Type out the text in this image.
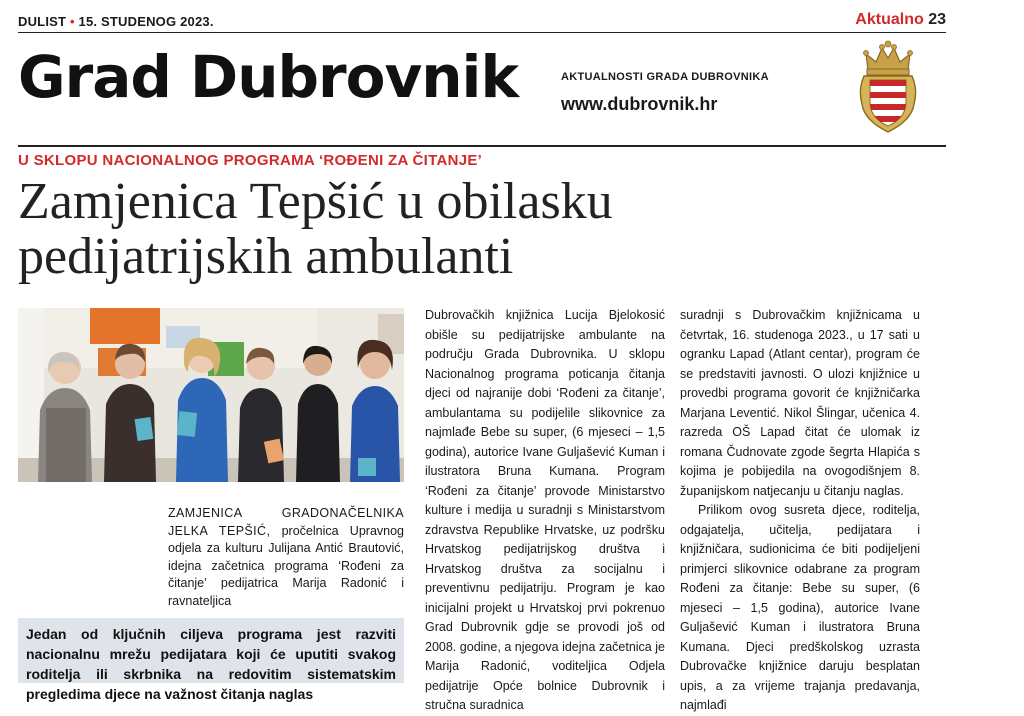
DULIST • 15. STUDENOG 2023.	Aktualno 23
Grad Dubrovnik	AKTUALNOSTI GRADA DUBROVNIKA
www.dubrovnik.hr
U SKLOPU NACIONALNOG PROGRAMA ‘ROĐENI ZA ČITANJE’
Zamjenica Tepšić u obilasku
pedijatrijskih ambulanti
ZAMJENICA GRADONAČELNIKA JELKA TEPŠIĆ, pročelnica Upravnog odjela za kulturu Julijana Antić Brautović, idejna začetnica programa ‘Rođeni za čitanje’ pedijatrica Marija Radonić i ravnateljica
Jedan od ključnih ciljeva programa jest razviti nacionalnu mrežu pedijatara koji će uputiti svakog roditelja ili skrbnika na redovitim sistematskim pregledima djece na važnost čitanja naglas

Dubrovačkih knjižnica Lucija Bjelokosić obišle su pedijatrijske ambulante na području Grada Dubrovnika. U sklopu Nacionalnog programa poticanja čitanja djeci od najranije dobi ‘Rođeni za čitanje’, ambulantama su podijelile slikovnice za najmlađe Bebe su super, (6 mjeseci – 1,5 godina), autorice Ivane Guljašević Kuman i ilustratora Bruna Kumana. Program ‘Rođeni za čitanje’ provode Ministarstvo kulture i medija u suradnji s Ministarstvom zdravstva Republike Hrvatske, uz podršku Hrvatskog pedijatrijskog društva i Hrvatskog društva za socijalnu i preventivnu pedijatriju. Program je kao inicijalni projekt u Hrvatskoj prvi pokrenuo Grad Dubrovnik gdje se provodi još od 2008. godine, a njegova idejna začetnica je Marija Radonić, voditeljica Odjela pedijatrije Opće bolnice Dubrovnik i stručna suradnica

suradnji s Dubrovačkim knjižnicama u četvrtak, 16. studenoga 2023., u 17 sati u ogranku Lapad (Atlant centar), program će se predstaviti javnosti. O ulozi knjižnice u provedbi programa govorit će knjižničarka Marjana Leventić. Nikol Šlingar, učenica 4. razreda OŠ Lapad čitat će ulomak iz romana Čudnovate zgode šegrta Hlapića s kojima je pobijedila na ovogodišnjem 8. županijskom natjecanju u čitanju naglas.

Prilikom ovog susreta djece, roditelja, odgajatelja, učitelja, pedijatara i knjižničara, sudionicima će biti podijeljeni primjerci slikovnice odabrane za program Rođeni za čitanje: Bebe su super, (6 mjeseci – 1,5 godina), autorice Ivane Guljašević Kuman i ilustratora Bruna Kumana. Djeci predškolskog uzrasta Dubrovačke knjižnice daruju besplatan upis, a za vrijeme trajanja predavanja, najmlađi
